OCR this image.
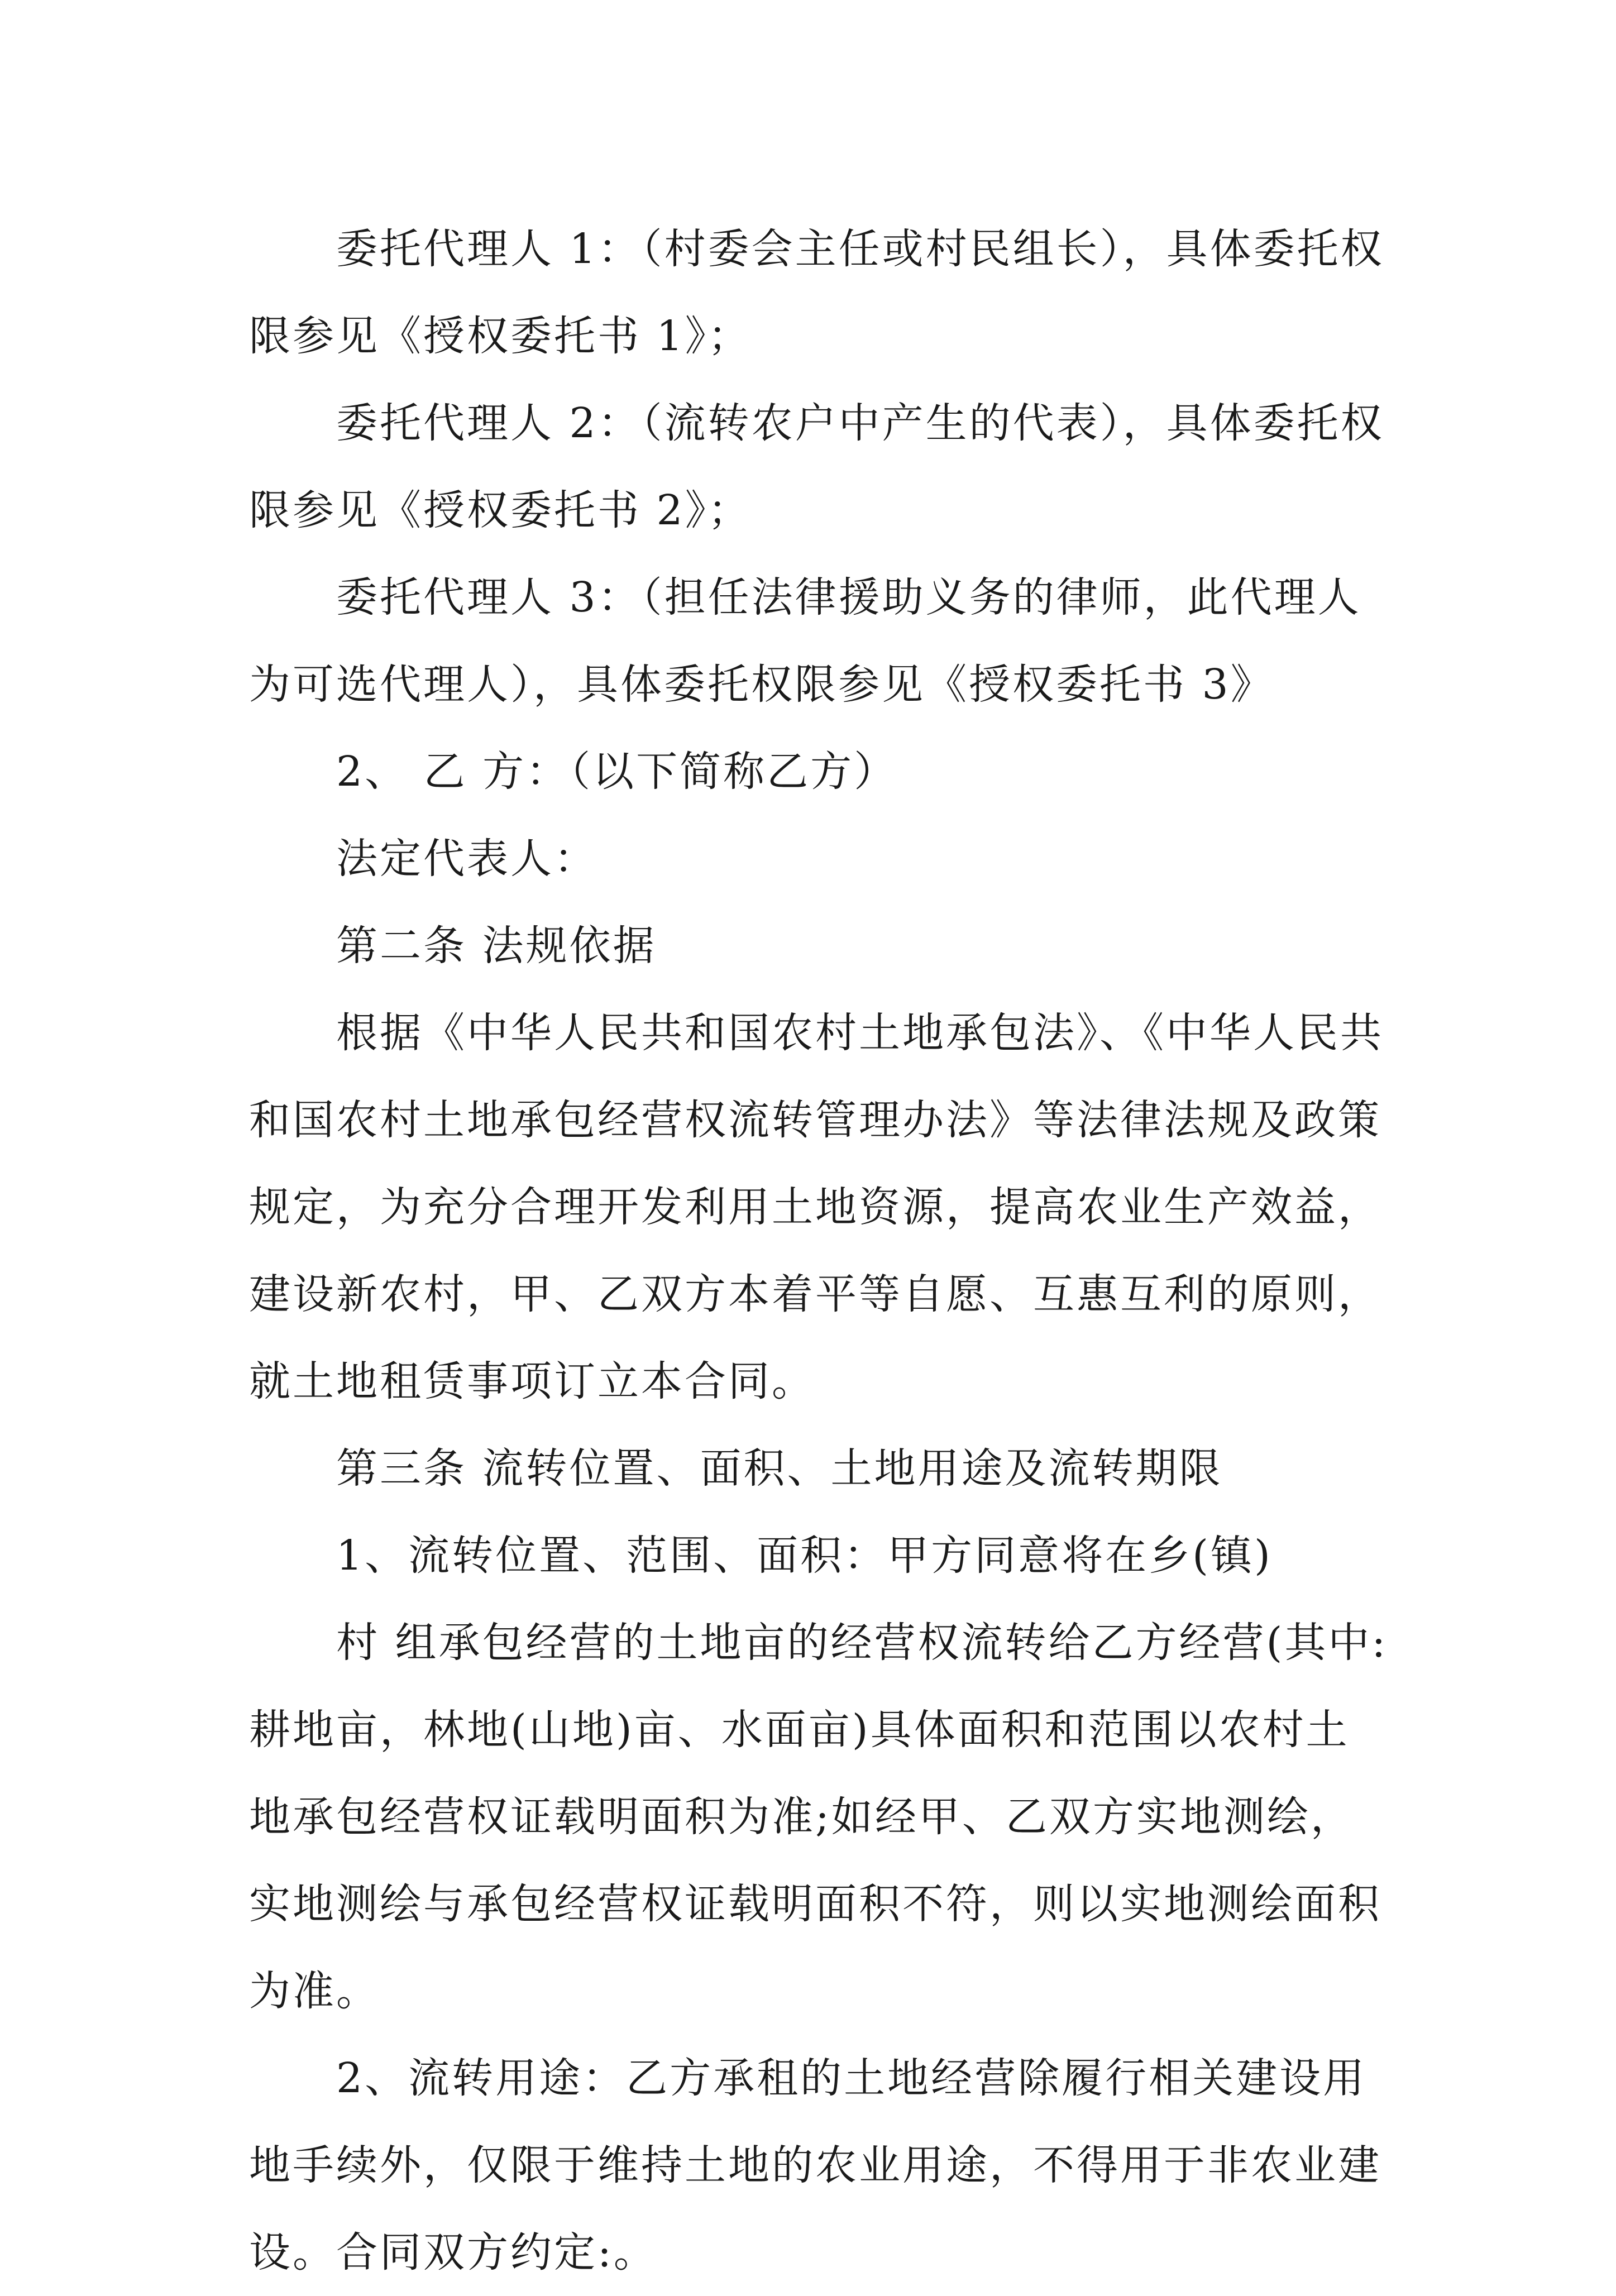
委托代理人 1：（村委会主任或村民组长），具体委托权
限参见《授权委托书 1》；
委托代理人 2：（流转农户中产生的代表），具体委托权
限参见《授权委托书 2》；
委托代理人 3：（担任法律援助义务的律师，此代理人
为可选代理人），具体委托权限参见《授权委托书 3》
2、 乙 方：（以下简称乙方）
法定代表人：
第二条 法规依据
根据《中华人民共和国农村土地承包法》、《中华人民共
和国农村土地承包经营权流转管理办法》等法律法规及政策
规定，为充分合理开发利用土地资源，提高农业生产效益，
建设新农村，甲、乙双方本着平等自愿、互惠互利的原则，
就土地租赁事项订立本合同。
第三条 流转位置、面积、土地用途及流转期限
1、流转位置、范围、面积：甲方同意将在乡(镇)
村 组承包经营的土地亩的经营权流转给乙方经营(其中:
耕地亩，林地(山地)亩、水面亩)具体面积和范围以农村土
地承包经营权证载明面积为准;如经甲、乙双方实地测绘，
实地测绘与承包经营权证载明面积不符，则以实地测绘面积
为准。
2、流转用途：乙方承租的土地经营除履行相关建设用
地手续外，仅限于维持土地的农业用途，不得用于非农业建
设。合同双方约定:。
